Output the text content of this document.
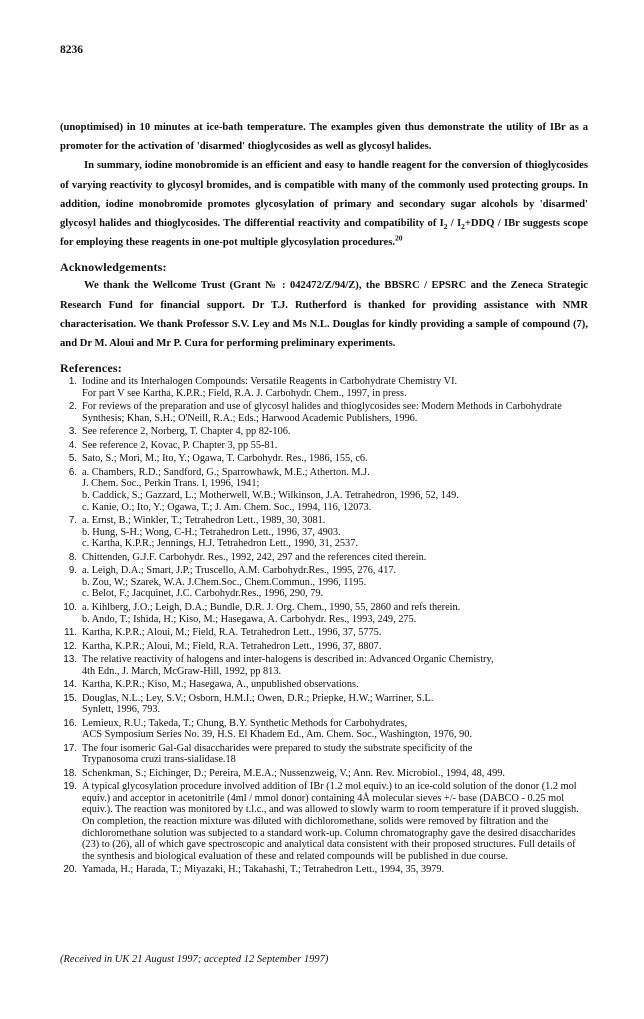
8236

(unoptimised) in 10 minutes at ice-bath temperature. The examples given thus demonstrate the utility of IBr as a promoter for the activation of 'disarmed' thioglycosides as well as glycosyl halides.

In summary, iodine monobromide is an efficient and easy to handle reagent for the conversion of thioglycosides of varying reactivity to glycosyl bromides, and is compatible with many of the commonly used protecting groups. In addition, iodine monobromide promotes glycosylation of primary and secondary sugar alcohols by 'disarmed' glycosyl halides and thioglycosides. The differential reactivity and compatibility of $I_2 / I_2+DDQ$ / IBr suggests scope for employing these reagents in one-pot multiple glycosylation procedures.$^{20}$

Acknowledgements:

We thank the Wellcome Trust (Grant № : 042472/Z/94/Z), the BBSRC / EPSRC and the Zeneca Strategic Research Fund for financial support. Dr T.J. Rutherford is thanked for providing assistance with NMR characterisation. We thank Professor S.V. Ley and Ms N.L. Douglas for kindly providing a sample of compound (7), and Dr M. Aloui and Mr P. Cura for performing preliminary experiments.

References:
1. Iodine and its Interhalogen Compounds: Versatile Reagents in Carbohydrate Chemistry VI.
For part V see Kartha, K.P.R.; Field, R.A. J. Carbohydr. Chem., 1997, in press.
2. For reviews of the preparation and use of glycosyl halides and thioglycosides see: Modern Methods in Carbohydrate Synthesis; Khan, S.H.; O'Neill, R.A.; Eds.; Harwood Academic Publishers, 1996.
3. See reference 2, Norberg, T. Chapter 4, pp 82-106.
4. See reference 2, Kovac, P. Chapter 3, pp 55-81.
5. Sato, S.; Mori, M.; Ito, Y.; Ogawa, T. Carbohydr. Res., 1986, 155, c6.
6. a. Chambers, R.D.; Sandford, G.; Sparrowhawk, M.E.; Atherton. M.J.
J. Chem. Soc., Perkin Trans. I, 1996, 1941;
b. Caddick, S.; Gazzard, L.; Motherwell, W.B.; Wilkinson, J.A. Tetrahedron, 1996, 52, 149.
c. Kanie, O.; Ito, Y.; Ogawa, T.; J. Am. Chem. Soc., 1994, 116, 12073.
7. a. Ernst, B.; Winkler, T.; Tetrahedron Lett., 1989, 30, 3081.
b. Hung, S-H.; Wong, C-H.; Tetrahedron Lett., 1996, 37, 4903.
c. Kartha, K.P.R.; Jennings, H.J. Tetrahedron Lett., 1990, 31, 2537.
8. Chittenden, G.J.F. Carbohydr. Res., 1992, 242, 297 and the references cited therein.
9. a. Leigh, D.A.; Smart, J.P.; Truscello, A.M. Carbohydr.Res., 1995, 276, 417.
b. Zou, W.; Szarek, W.A. J.Chem.Soc., Chem.Commun., 1996, 1195.
c. Belot, F.; Jacquinet, J.C. Carbohydr.Res., 1996, 290, 79.
10. a. Kihlberg, J.O.; Leigh, D.A.; Bundle, D.R. J. Org. Chem., 1990, 55, 2860 and refs therein.
b. Ando, T.; Ishida, H.; Kiso, M.; Hasegawa, A. Carbohydr. Res., 1993, 249, 275.
11. Kartha, K.P.R.; Aloui, M.; Field, R.A. Tetrahedron Lett., 1996, 37, 5775.
12. Kartha, K.P.R.; Aloui, M.; Field, R.A. Tetrahedron Lett., 1996, 37, 8807.
13. The relative reactivity of halogens and inter-halogens is described in: Advanced Organic Chemistry,
4th Edn., J. March, McGraw-Hill, 1992, pp 813.
14. Kartha, K.P.R.; Kiso, M.; Hasegawa, A., unpublished observations.
15. Douglas, N.L.; Ley, S.V.; Osborn, H.M.I.; Owen, D.R.; Priepke, H.W.; Warriner, S.L.
Synlett, 1996, 793.
16. Lemieux, R.U.; Takeda, T.; Chung, B.Y. Synthetic Methods for Carbohydrates,
ACS Symposium Series No. 39, H.S. El Khadem Ed., Am. Chem. Soc., Washington, 1976, 90.
17. The four isomeric Gal-Gal disaccharides were prepared to study the substrate specificity of the
Trypanosoma cruzi trans-sialidase.18
18. Schenkman, S.; Eichinger, D.; Pereira, M.E.A.; Nussenzweig, V.; Ann. Rev. Microbiol., 1994, 48, 499.
19. A typical glycosylation procedure involved addition of IBr (1.2 mol equiv.) to an ice-cold solution of the donor (1.2 mol equiv.) and acceptor in acetonitrile (4ml / mmol donor) containing 4Å molecular sieves +/- base (DABCO - 0.25 mol equiv.). The reaction was monitored by t.l.c., and was allowed to slowly warm to room temperature if it proved sluggish. On completion, the reaction mixture was diluted with dichloromethane, solids were removed by filtration and the dichloromethane solution was subjected to a standard work-up. Column chromatography gave the desired disaccharides (23) to (26), all of which gave spectroscopic and analytical data consistent with their proposed structures. Full details of the synthesis and biological evaluation of these and related compounds will be published in due course.
20. Yamada, H.; Harada, T.; Miyazaki, H.; Takahashi, T.; Tetrahedron Lett., 1994, 35, 3979.
(Received in UK 21 August 1997; accepted 12 September 1997)
